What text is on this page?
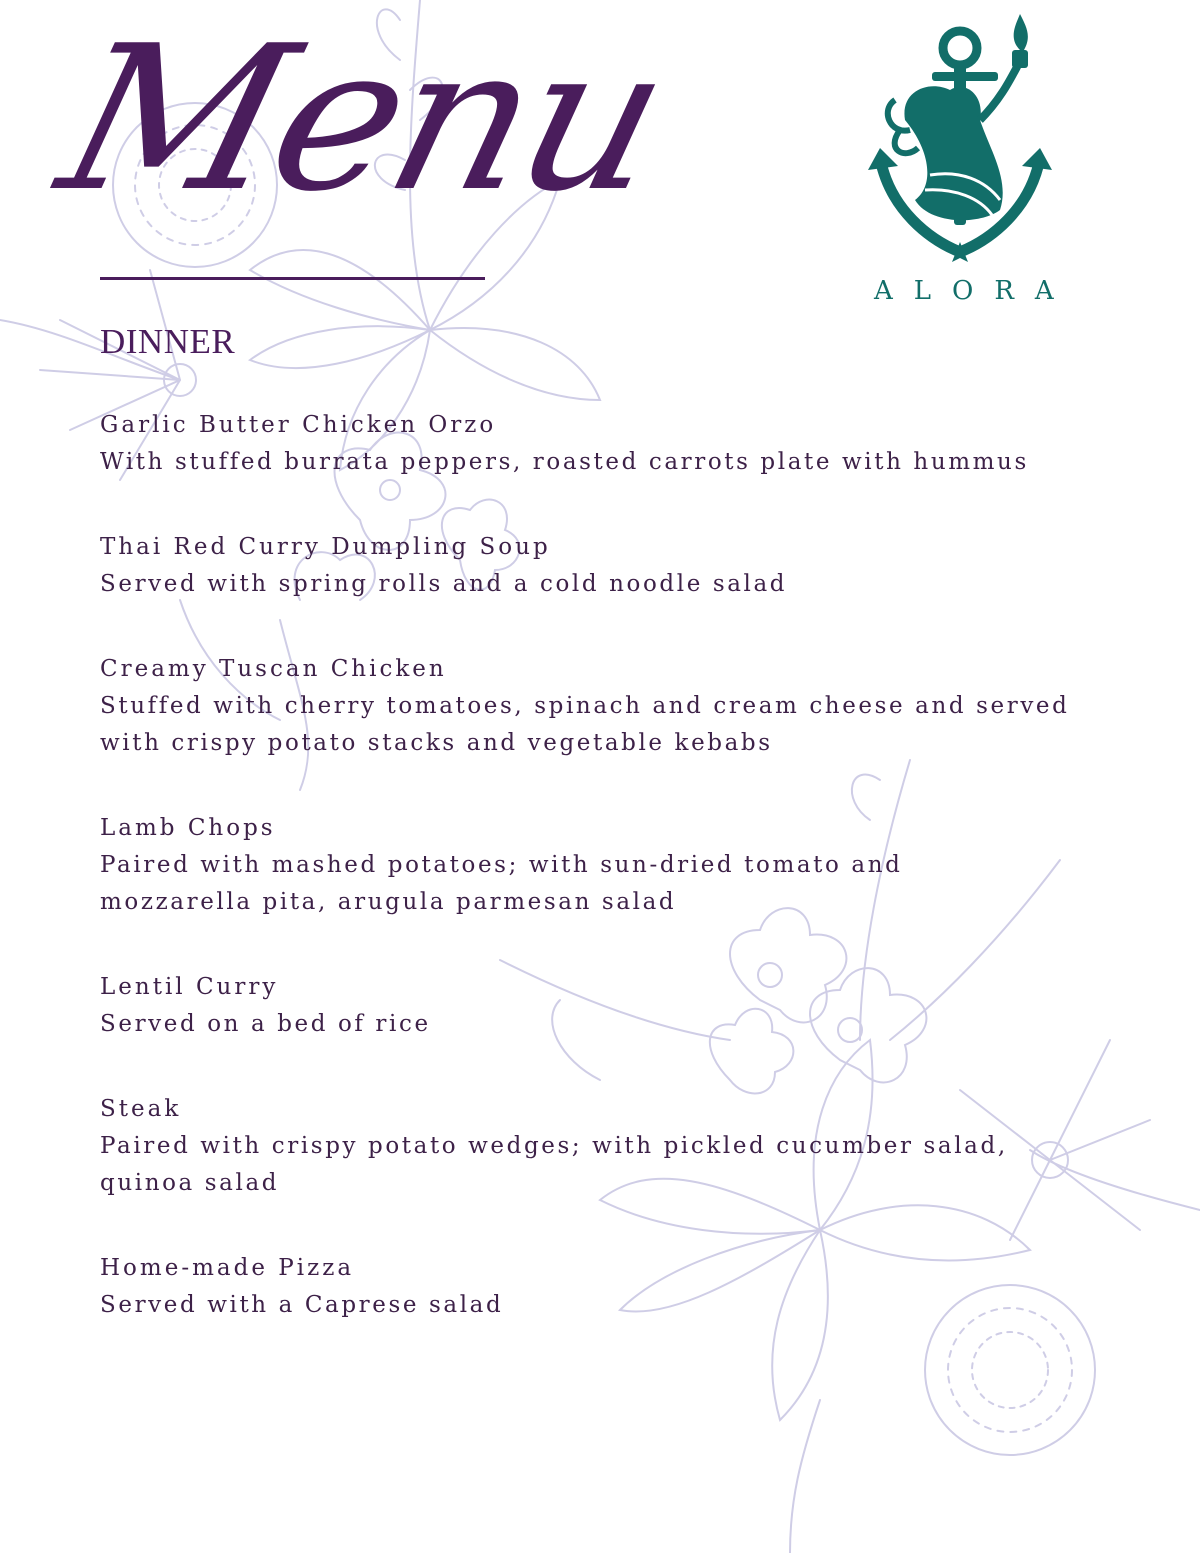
Menu
ALORA
DINNER
Garlic Butter Chicken Orzo
With stuffed burrata peppers, roasted carrots plate with hummus
Thai Red Curry Dumpling Soup
Served with spring rolls and a cold noodle salad
Creamy Tuscan Chicken
Stuffed with cherry tomatoes, spinach and cream cheese and served
with crispy potato stacks and vegetable kebabs
Lamb Chops
Paired with mashed potatoes; with sun-dried tomato and
mozzarella pita, arugula parmesan salad
Lentil Curry
Served on a bed of rice
Steak
Paired with crispy potato wedges; with pickled cucumber salad,
quinoa salad
Home-made Pizza
Served with a Caprese salad
